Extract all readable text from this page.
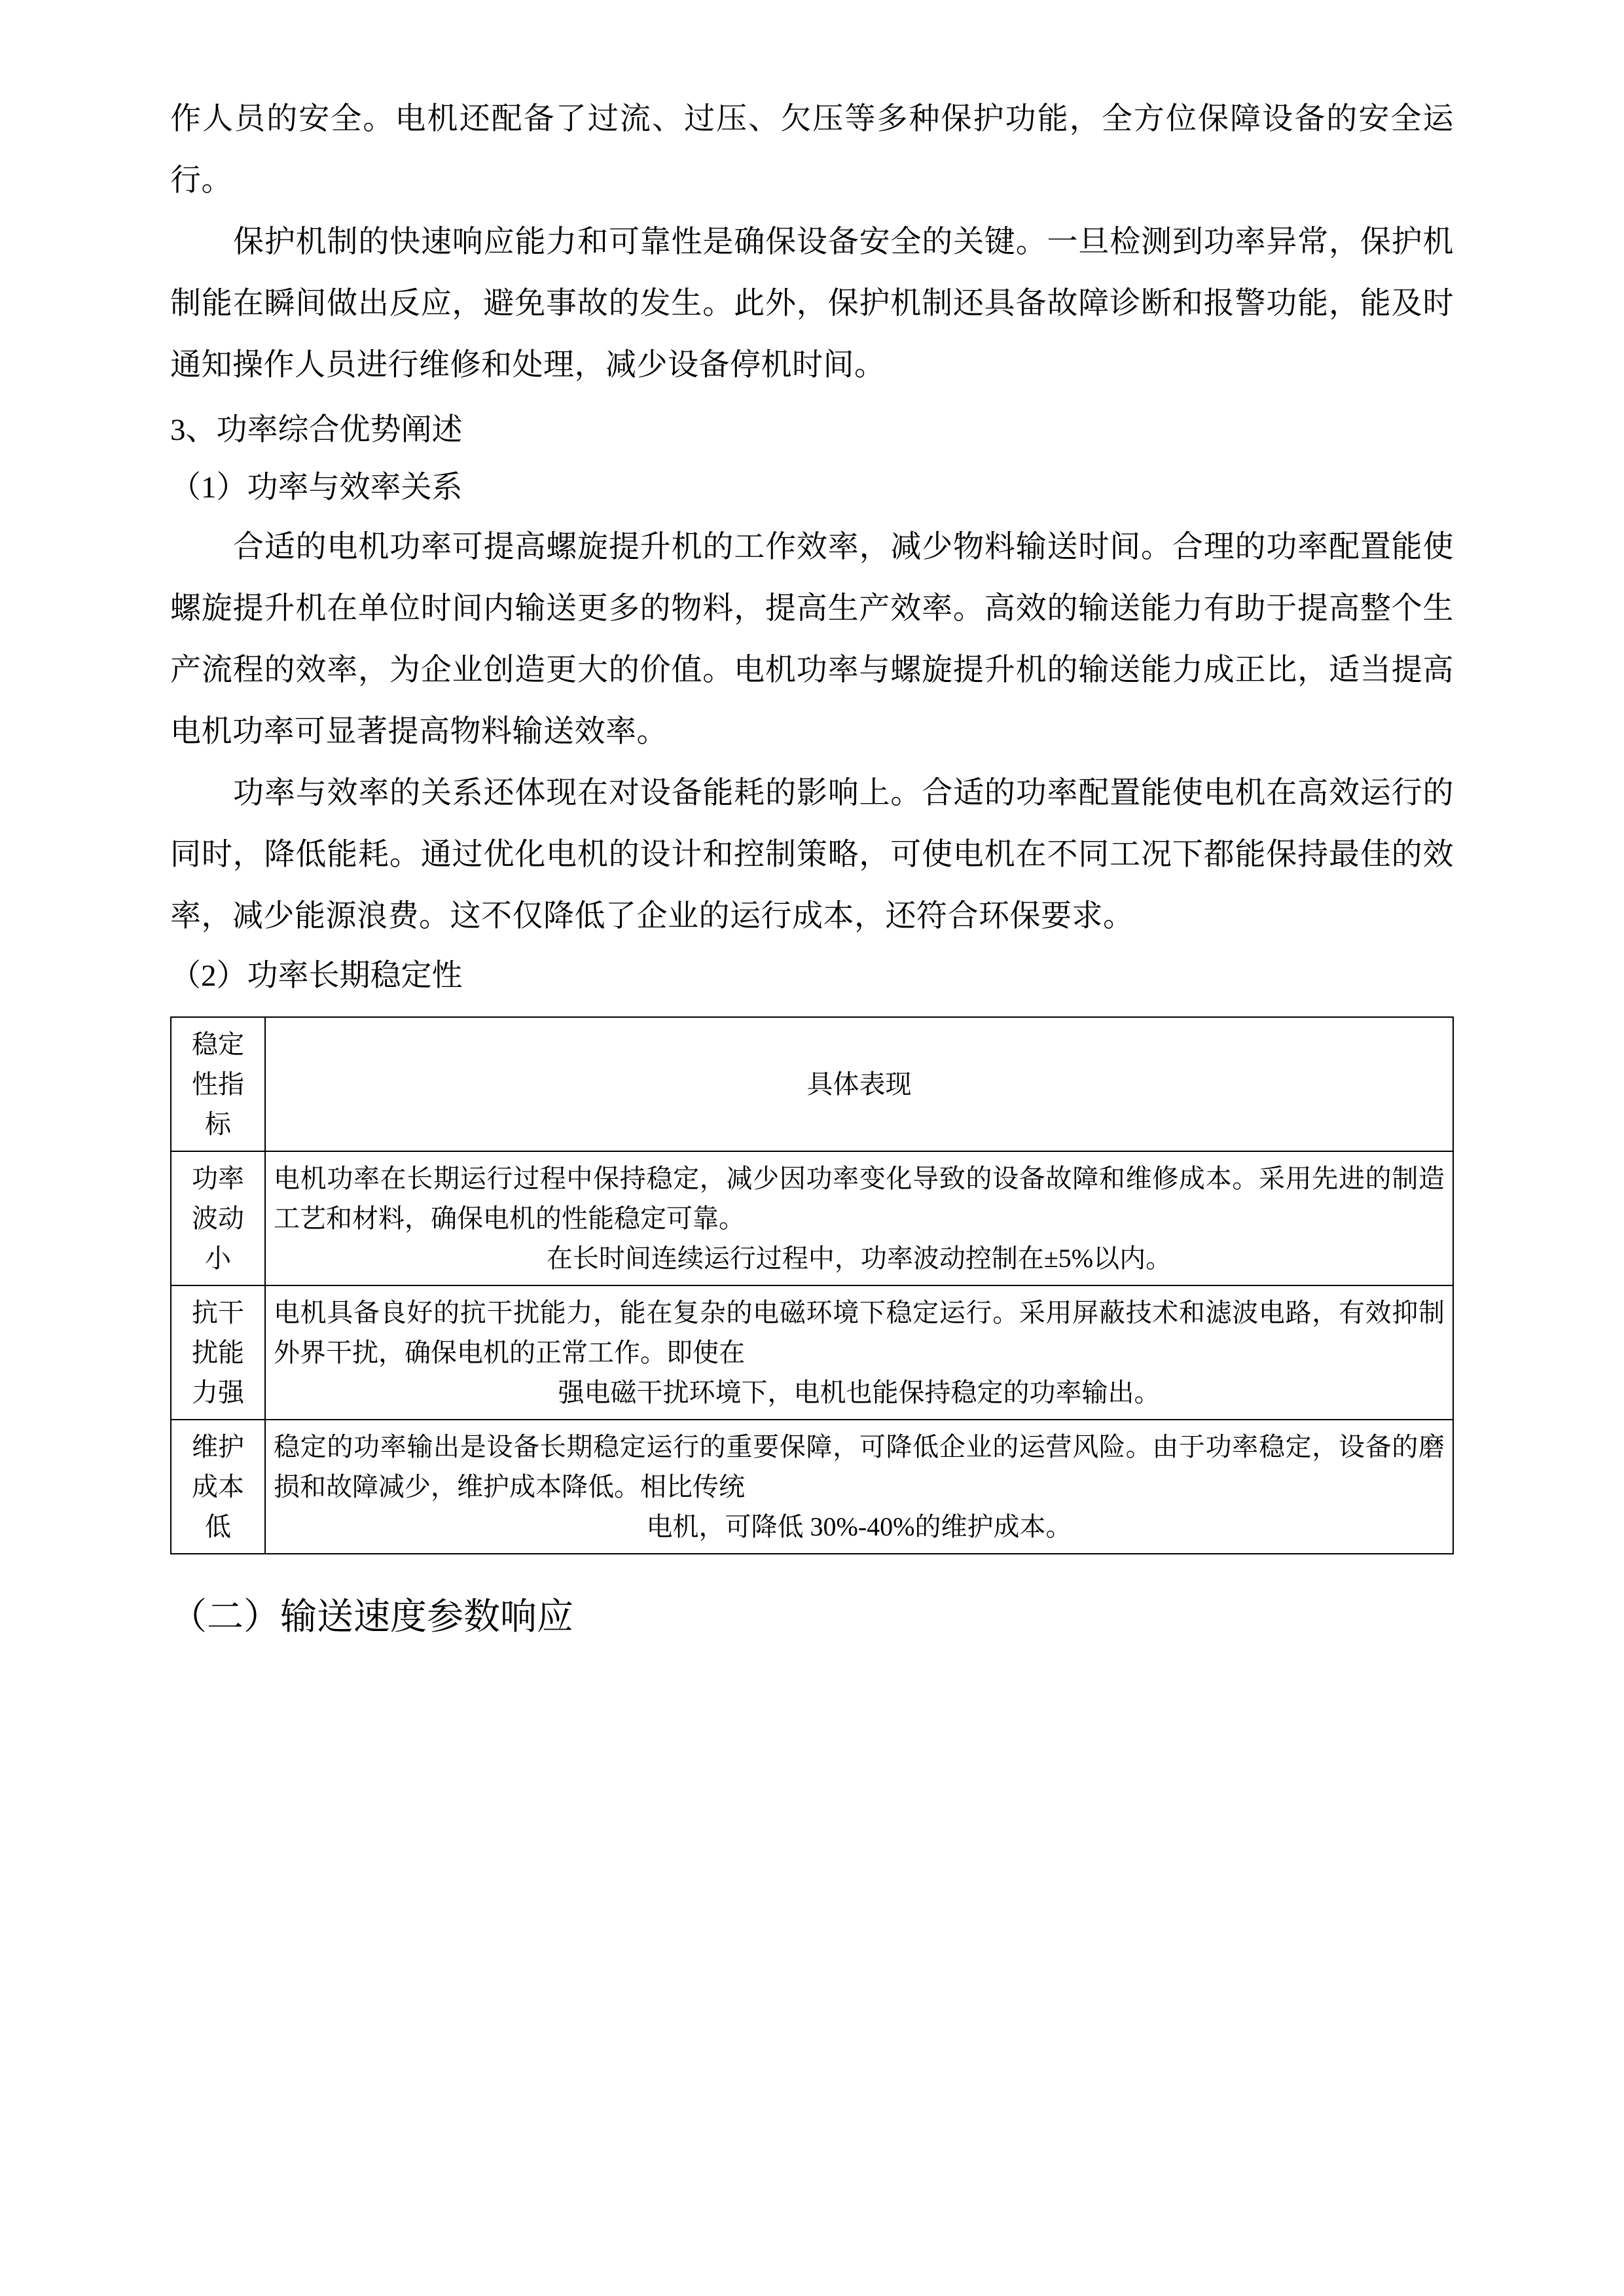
作人员的安全。电机还配备了过流、过压、欠压等多种保护功能，全方位保障设备的安全运行。

保护机制的快速响应能力和可靠性是确保设备安全的关键。一旦检测到功率异常，保护机制能在瞬间做出反应，避免事故的发生。此外，保护机制还具备故障诊断和报警功能，能及时通知操作人员进行维修和处理，减少设备停机时间。

3、功率综合优势阐述

（1）功率与效率关系

合适的电机功率可提高螺旋提升机的工作效率，减少物料输送时间。合理的功率配置能使螺旋提升机在单位时间内输送更多的物料，提高生产效率。高效的输送能力有助于提高整个生产流程的效率，为企业创造更大的价值。电机功率与螺旋提升机的输送能力成正比，适当提高电机功率可显著提高物料输送效率。

功率与效率的关系还体现在对设备能耗的影响上。合适的功率配置能使电机在高效运行的同时，降低能耗。通过优化电机的设计和控制策略，可使电机在不同工况下都能保持最佳的效率，减少能源浪费。这不仅降低了企业的运行成本，还符合环保要求。

（2）功率长期稳定性

稳定性指标	具体表现
功率波动小	电机功率在长期运行过程中保持稳定，减少因功率变化导致的设备故障和维修成本。采用先进的制造工艺和材料，确保电机的性能稳定可靠。
在长时间连续运行过程中，功率波动控制在±5%以内。

抗干扰能力强	电机具备良好的抗干扰能力，能在复杂的电磁环境下稳定运行。采用屏蔽技术和滤波电路，有效抑制外界干扰，确保电机的正常工作。即使在
强电磁干扰环境下，电机也能保持稳定的功率输出。

维护成本低	稳定的功率输出是设备长期稳定运行的重要保障，可降低企业的运营风险。由于功率稳定，设备的磨损和故障减少，维护成本降低。相比传统
电机，可降低 30%-40%的维护成本。

（二）输送速度参数响应
